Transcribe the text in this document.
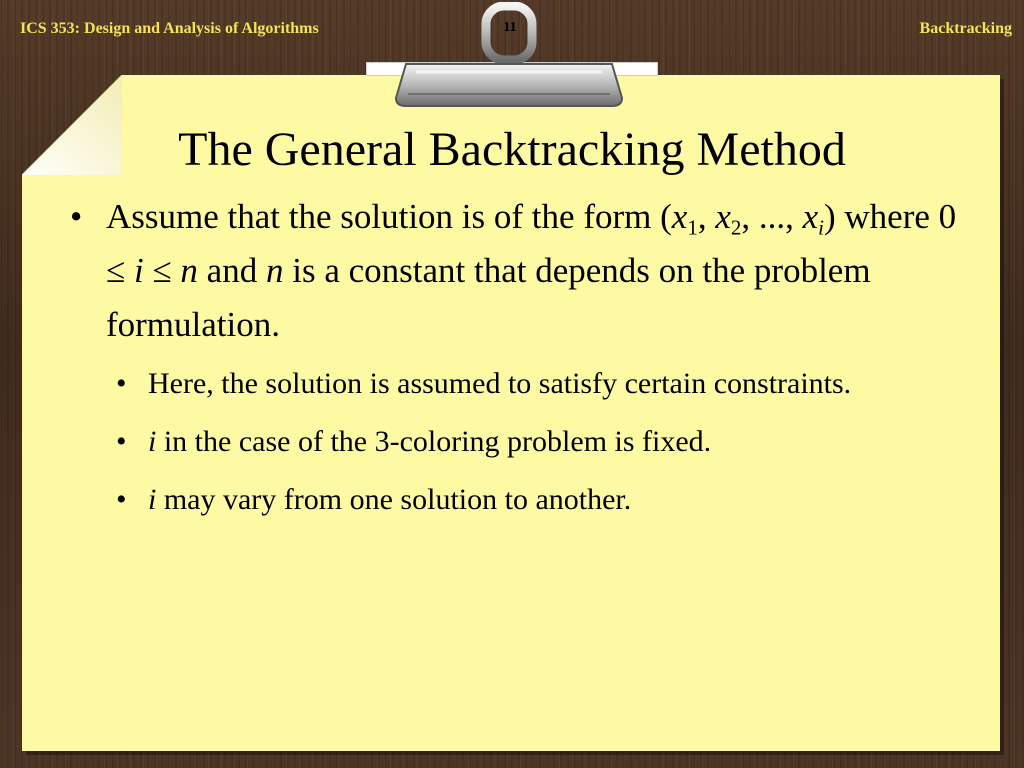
ICS 353: Design and Analysis of Algorithms	Backtracking
11
The General Backtracking Method
• Assume that the solution is of the form ($x_1$, $x_2$, ..., $x_i$) where 0 ≤ i ≤ n and n is a constant that depends on the problem formulation.
• Here, the solution is assumed to satisfy certain constraints.
• i in the case of the 3-coloring problem is fixed.
• i may vary from one solution to another.
